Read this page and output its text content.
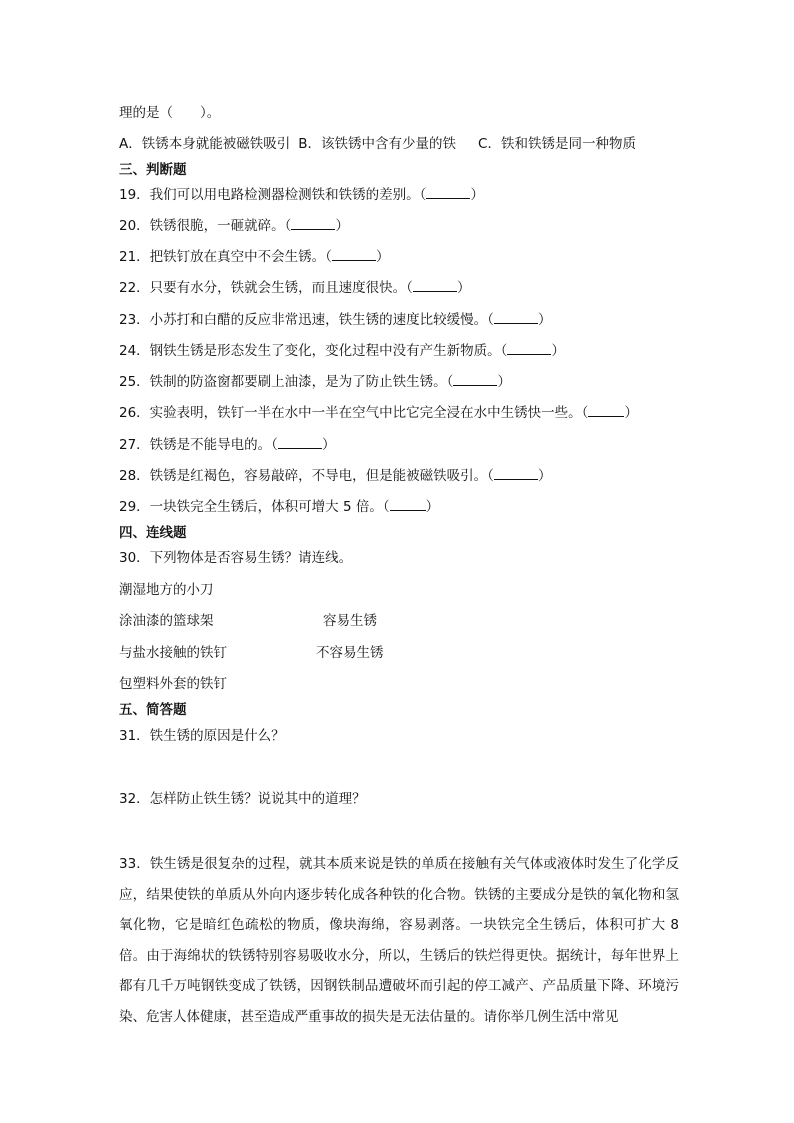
理的是（　　）。
A．铁锈本身就能被磁铁吸引 B．该铁锈中含有少量的铁 C．铁和铁锈是同一种物质
三、判断题
19．我们可以用电路检测器检测铁和铁锈的差别。（	）
20．铁锈很脆，一砸就碎。（	）
21．把铁钉放在真空中不会生锈。（	）
22．只要有水分，铁就会生锈，而且速度很快。（	）
23．小苏打和白醋的反应非常迅速，铁生锈的速度比较缓慢。（	）
24．钢铁生锈是形态发生了变化，变化过程中没有产生新物质。（	）
25．铁制的防盗窗都要刷上油漆，是为了防止铁生锈。（	）
26．实验表明，铁钉一半在水中一半在空气中比它完全浸在水中生锈快一些。（	）
27．铁锈是不能导电的。（	）
28．铁锈是红褐色，容易敲碎，不导电，但是能被磁铁吸引。（	）
29．一块铁完全生锈后，体积可增大 5 倍。（	）
四、连线题
30．下列物体是否容易生锈？请连线。
潮湿地方的小刀
涂油漆的篮球架	容易生锈
与盐水接触的铁钉	不容易生锈
包塑料外套的铁钉
五、简答题
31．铁生锈的原因是什么？
32．怎样防止铁生锈？说说其中的道理？
33．铁生锈是很复杂的过程，就其本质来说是铁的单质在接触有关气体或液体时发生了化学反应，结果使铁的单质从外向内逐步转化成各种铁的化合物。铁锈的主要成分是铁的氧化物和氢氧化物，它是暗红色疏松的物质，像块海绵，容易剥落。一块铁完全生锈后，体积可扩大 8 倍。由于海绵状的铁锈特别容易吸收水分，所以，生锈后的铁烂得更快。据统计，每年世界上都有几千万吨钢铁变成了铁锈，因钢铁制品遭破坏而引起的停工减产、产品质量下降、环境污染、危害人体健康，甚至造成严重事故的损失是无法估量的。请你举几例生活中常见
